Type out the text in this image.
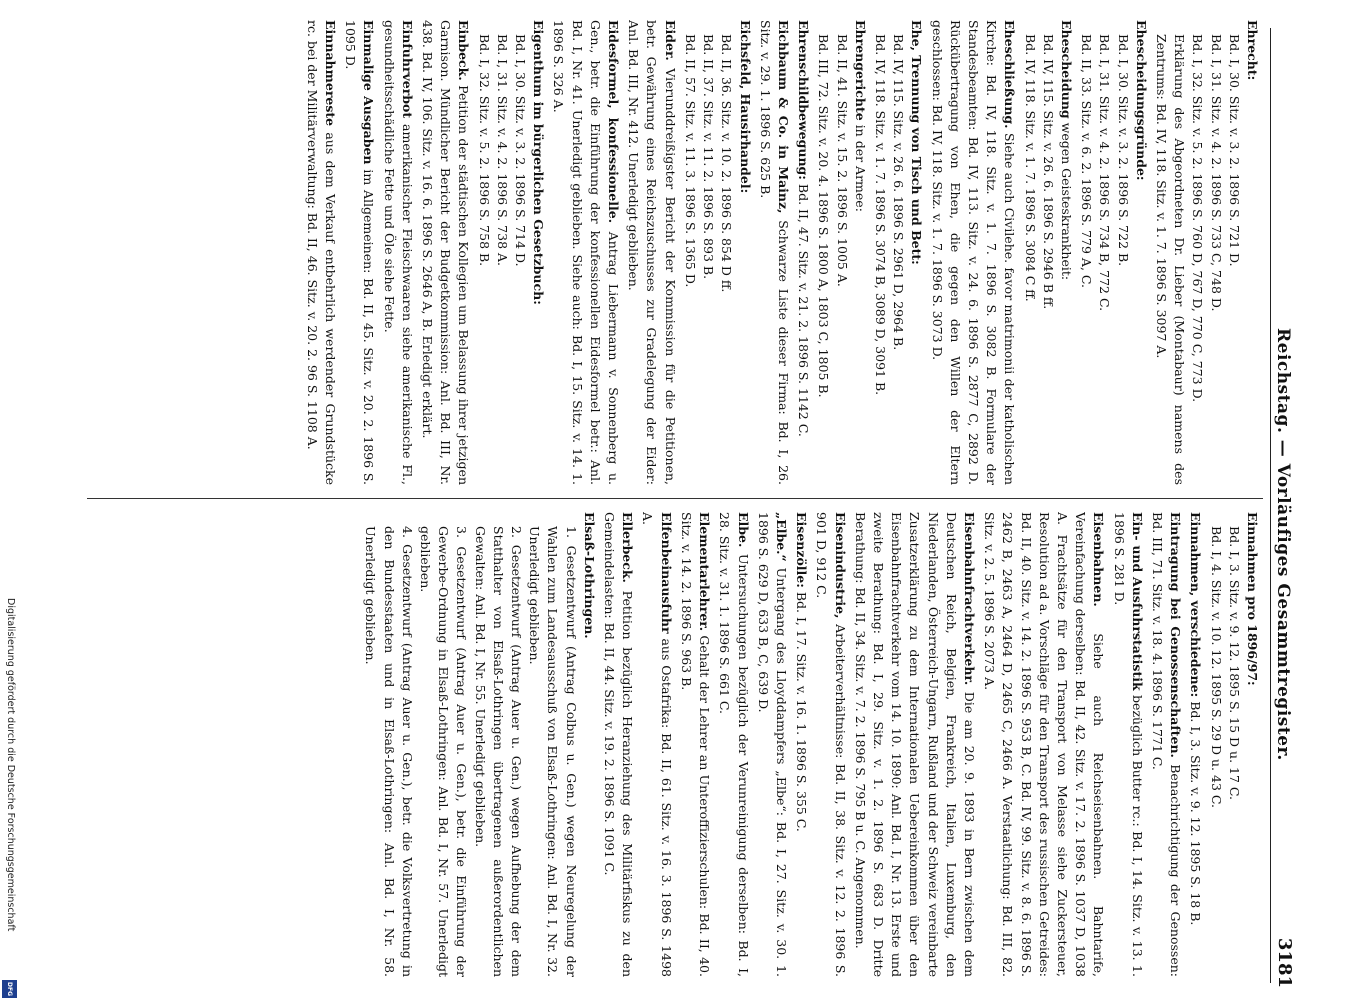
Reichstag. — Vorläufiges Gesammtregister.
3181
Ehrecht:
Bd. I, 30. Sitz. v. 3. 2. 1896 S. 721 D.
Bd. I, 31. Sitz. v. 4. 2. 1896 S. 733 C, 748 D.
Bd. I, 32. Sitz. v. 5. 2. 1896 S. 760 D, 767 D, 770 C, 773 D.
Erklärung des Abgeordneten Dr. Lieber (Montabaur) namens des Zentrums: Bd. IV, 118. Sitz. v. 1. 7. 1896 S. 3097 A.
Ehescheidungsgründe:
Bd. I, 30. Sitz. v. 3. 2. 1896 S. 722 B.
Bd. I, 31. Sitz. v. 4. 2. 1896 S. 734 B, 772 C.
Bd. II, 33. Sitz. v. 6. 2. 1896 S. 779 A, C.
Ehescheidung wegen Geisteskrankheit:
Bd. IV, 115. Sitz. v. 26. 6. 1896 S. 2946 B ff.
Bd. IV, 118. Sitz. v. 1. 7. 1896 S. 3084 C ff.
Eheschließung. Siehe auch Civilehe. favor matrimonii der katholischen Kirche: Bd. IV, 118. Sitz. v. 1. 7. 1896 S. 3082 B. Formulare der Standesbeamten: Bd. IV, 113. Sitz. v. 24. 6. 1896 S. 2877 C, 2892 D. Rückübertragung von Ehen, die gegen den Willen der Eltern geschlossen: Bd. IV, 118. Sitz. v. 1. 7. 1896 S. 3073 D.
Ehe, Trennung von Tisch und Bett:
Bd. IV, 115. Sitz. v. 26. 6. 1896 S. 2961 D, 2964 B.
Bd. IV, 118. Sitz. v. 1. 7. 1896 S. 3074 B, 3089 D, 3091 B.
Ehrengerichte in der Armee:
Bd. II, 41. Sitz. v. 15. 2. 1896 S. 1005 A.
Bd. III, 72. Sitz. v. 20. 4. 1896 S. 1800 A, 1803 C, 1805 B.
Ehrenschildbewegung: Bd. II, 47. Sitz. v. 21. 2. 1896 S. 1142 C.
Eichbaum & Co. in Mainz, Schwarze Liste dieser Firma: Bd. I, 26. Sitz. v. 29. 1. 1896 S. 625 B.
Eichsfeld, Hausirhandel:
Bd. II, 36. Sitz. v. 10. 2. 1896 S. 854 D ff.
Bd. II, 37. Sitz. v. 11. 2. 1896 S. 893 B.
Bd. II, 57. Sitz. v. 11. 3. 1896 S. 1365 D.
Eider. Vierunddreißigster Bericht der Kommission für die Petitionen, betr. Gewährung eines Reichszuschusses zur Gradelegung der Eider: Anl. Bd. III, Nr. 412. Unerledigt geblieben.
Eidesformel, konfessionelle. Antrag Liebermann v. Sonnenberg u. Gen., betr. die Einführung der konfessionellen Eidesformel betr.: Anl. Bd. I, Nr. 41. Unerledigt geblieben. Siehe auch: Bd. I, 15. Sitz. v. 14. 1. 1896 S. 326 A.
Eigenthum im bürgerlichen Gesetzbuch:
Bd. I, 30. Sitz. v. 3. 2. 1896 S. 714 D.
Bd. I, 31. Sitz. v. 4. 2. 1896 S. 738 A.
Bd. I, 32. Sitz. v. 5. 2. 1896 S. 758 B.
Einbeck. Petition der städtischen Kollegien um Belassung ihrer jetzigen Garnison. Mündlicher Bericht der Budgetkommission: Anl. Bd. III, Nr. 438. Bd. IV, 106. Sitz. v. 16. 6. 1896 S. 2646 A, B. Erledigt erklärt.
Einfuhrverbot amerikanischer Fleischwaaren siehe amerikanische Fl., gesundheitsschädliche Fette und Öle siehe Fette.
Einmalige Ausgaben im Allgemeinen: Bd. II, 45. Sitz. v. 20. 2. 1896 S. 1095 D.
Einnahmereste aus dem Verkauf entbehrlich werdender Grundstücke rc. bei der Militärverwaltung: Bd. II, 46. Sitz. v. 20. 2. 96 S. 1108 A.
Einnahmen pro 1896/97:
Bd. I, 3. Sitz. v. 9. 12. 1895 S. 15 D u. 17 C.
Bd. I, 4. Sitz. v. 10. 12. 1895 S. 29 D u. 43 C.
Einnahmen, verschiedene: Bd. I, 3. Sitz. v. 9. 12. 1895 S. 18 B.
Eintragung bei Genossenschaften. Benachrichtigung der Genossen: Bd. III, 71. Sitz. v. 18. 4. 1896 S. 1771 C.
Ein- und Ausfuhrstatistik bezüglich Butter rc.: Bd. I, 14. Sitz. v. 13. 1. 1896 S. 281 D.
Eisenbahnen. Siehe auch Reichseisenbahnen. Bahntarife, Vereinfachung derselben: Bd. II, 42. Sitz. v. 17. 2. 1896 S. 1037 D, 1038 A. Frachtsätze für den Transport von Melasse siehe Zuckersteuer, Resolution ad a. Vorschläge für den Transport des russischen Getreides: Bd. II, 40. Sitz. v. 14. 2. 1896 S. 953 B, C. Bd. IV, 99. Sitz. v. 8. 6. 1896 S. 2462 B, 2463 A, 2464 D, 2465 C, 2466 A. Verstaatlichung: Bd. III, 82. Sitz. v. 2. 5. 1896 S. 2073 A.
Eisenbahnfrachtverkehr. Die am 20. 9. 1893 in Bern zwischen dem Deutschen Reich, Belgien, Frankreich, Italien, Luxemburg, den Niederlanden, Österreich-Ungarn, Rußland und der Schweiz vereinbarte Zusatzerklärung zu dem Internationalen Uebereinkommen über den Eisenbahnfrachtverkehr vom 14. 10. 1890: Anl. Bd. I, Nr. 13. Erste und zweite Berathung: Bd. I, 29. Sitz. v. 1. 2. 1896 S. 683 D. Dritte Berathung: Bd. II, 34. Sitz. v. 7. 2. 1896 S. 795 B u. C. Angenommen.
Eisenindustrie, Arbeiterverhältnisse: Bd. II, 38. Sitz. v. 12. 2. 1896 S. 901 D, 912 C.
Eisenzölle: Bd. I, 17. Sitz. v. 16. 1. 1896 S. 355 C.
„Elbe.“ Untergang des Lloyddampfers „Elbe“: Bd. I, 27. Sitz. v. 30. 1. 1896 S. 629 D, 633 B, C, 639 D.
Elbe. Untersuchungen bezüglich der Verunreinigung derselben: Bd. I, 28. Sitz. v. 31. 1. 1896 S. 661 C.
Elementarlehrer. Gehalt der Lehrer an Unteroffizierschulen: Bd. II, 40. Sitz. v. 14. 2. 1896 S. 963 B.
Elfenbeinausfuhr aus Ostafrika: Bd. II, 61. Sitz. v. 16. 3. 1896 S. 1498 A.
Ellerbeck. Petition bezüglich Heranziehung des Militärfiskus zu den Gemeindelasten: Bd. II, 44. Sitz. v. 19. 2. 1896 S. 1091 C.
Elsaß-Lothringen.
1. Gesetzentwurf (Antrag Colbus u. Gen.) wegen Neuregelung der Wahlen zum Landesausschuß von Elsaß-Lothringen: Anl. Bd. I, Nr. 32. Unerledigt geblieben.
2. Gesetzentwurf (Antrag Auer u. Gen.) wegen Aufhebung der dem Statthalter von Elsaß-Lothringen übertragenen außerordentlichen Gewalten: Anl. Bd. I, Nr. 55. Unerledigt geblieben.
3. Gesetzentwurf (Antrag Auer u. Gen.), betr. die Einführung der Gewerbe-Ordnung in Elsaß-Lothringen: Anl. Bd. I, Nr. 57. Unerledigt geblieben.
4. Gesetzentwurf (Antrag Auer u. Gen.), betr. die Volksvertretung in den Bundesstaaten und in Elsaß-Lothringen: Anl. Bd. I, Nr. 58. Unerledigt geblieben.
Digitalisierung gefördert durch die Deutsche Forschungsgemeinschaft
DFG
